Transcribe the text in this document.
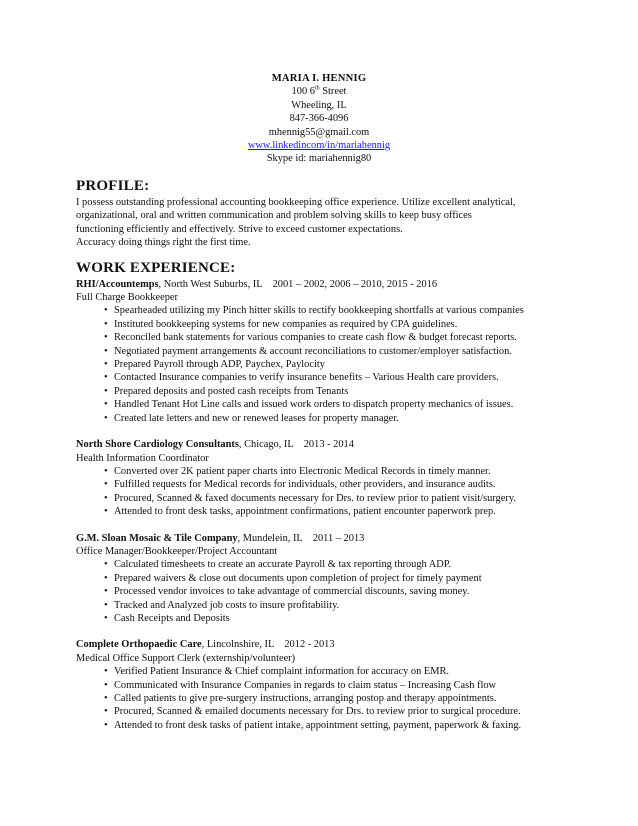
MARIA I. HENNIG
100 6th Street
Wheeling, IL
847-366-4096
mhennig55@gmail.com
www.linkedincom/in/mariahennig
Skype id: mariahennig80
PROFILE:

I possess outstanding professional accounting bookkeeping office experience. Utilize excellent analytical,

organizational, oral and written communication and problem solving skills to keep busy offices

functioning efficiently and effectively. Strive to exceed customer expectations.

Accuracy doing things right the first time.

WORK EXPERIENCE:
RHI/Accountemps, North West Suburbs, IL 2001 – 2002, 2006 – 2010, 2015 - 2016
Full Charge Bookkeeper
• Spearheaded utilizing my Pinch hitter skills to rectify bookkeeping shortfalls at various companies
• Instituted bookkeeping systems for new companies as required by CPA guidelines.
• Reconciled bank statements for various companies to create cash flow & budget forecast reports.
• Negotiated payment arrangements & account reconciliations to customer/employer satisfaction.
• Prepared Payroll through ADP, Paychex, Paylocity
• Contacted Insurance companies to verify insurance benefits – Various Health care providers.
• Prepared deposits and posted cash receipts from Tenants
• Handled Tenant Hot Line calls and issued work orders to dispatch property mechanics of issues.
• Created late letters and new or renewed leases for property manager.
North Shore Cardiology Consultants, Chicago, IL 2013 - 2014
Health Information Coordinator
• Converted over 2K patient paper charts into Electronic Medical Records in timely manner.
• Fulfilled requests for Medical records for individuals, other providers, and insurance audits.
• Procured, Scanned & faxed documents necessary for Drs. to review prior to patient visit/surgery.
• Attended to front desk tasks, appointment confirmations, patient encounter paperwork prep.
G.M. Sloan Mosaic & Tile Company, Mundelein, IL 2011 – 2013
Office Manager/Bookkeeper/Project Accountant
• Calculated timesheets to create an accurate Payroll & tax reporting through ADP.
• Prepared waivers & close out documents upon completion of project for timely payment
• Processed vendor invoices to take advantage of commercial discounts, saving money.
• Tracked and Analyzed job costs to insure profitability.
• Cash Receipts and Deposits
Complete Orthopaedic Care, Lincolnshire, IL 2012 - 2013
Medical Office Support Clerk (externship/volunteer)
• Verified Patient Insurance & Chief complaint information for accuracy on EMR.
• Communicated with Insurance Companies in regards to claim status – Increasing Cash flow
• Called patients to give pre-surgery instructions, arranging postop and therapy appointments.
• Procured, Scanned & emailed documents necessary for Drs. to review prior to surgical procedure.
• Attended to front desk tasks of patient intake, appointment setting, payment, paperwork & faxing.
